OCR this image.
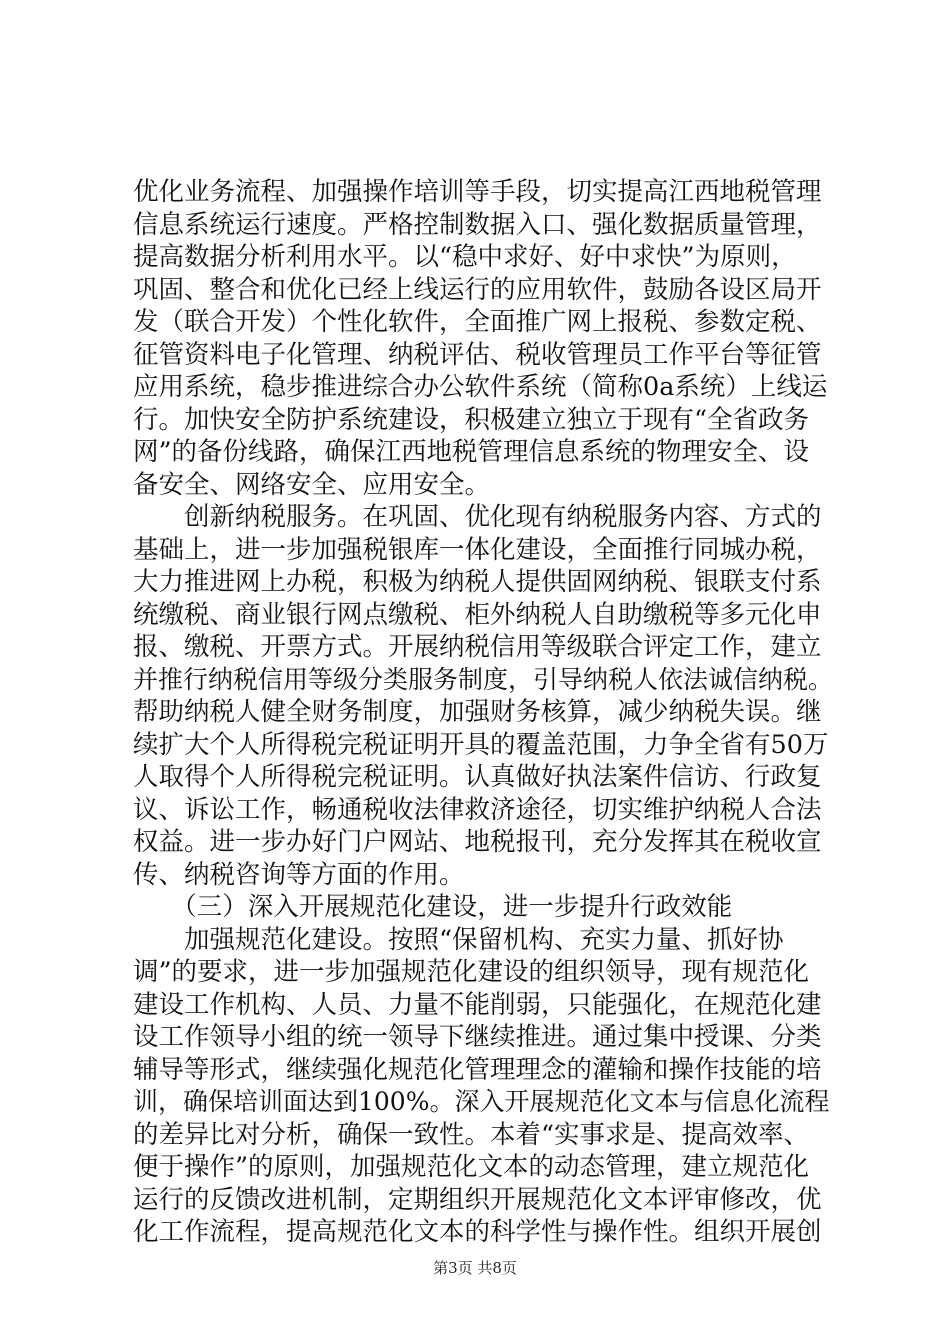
优化业务流程、加强操作培训等手段，切实提高江西地税管理
信息系统运行速度。严格控制数据入口、强化数据质量管理，
提高数据分析利用水平。以“稳中求好、好中求快”为原则，
巩固、整合和优化已经上线运行的应用软件，鼓励各设区局开
发（联合开发）个性化软件，全面推广网上报税、参数定税、
征管资料电子化管理、纳税评估、税收管理员工作平台等征管
应用系统，稳步推进综合办公软件系统（简称0a系统）上线运
行。加快安全防护系统建设，积极建立独立于现有“全省政务
网”的备份线路，确保江西地税管理信息系统的物理安全、设
备安全、网络安全、应用安全。
　　创新纳税服务。在巩固、优化现有纳税服务内容、方式的
基础上，进一步加强税银库一体化建设，全面推行同城办税，
大力推进网上办税，积极为纳税人提供固网纳税、银联支付系
统缴税、商业银行网点缴税、柜外纳税人自助缴税等多元化申
报、缴税、开票方式。开展纳税信用等级联合评定工作，建立
并推行纳税信用等级分类服务制度，引导纳税人依法诚信纳税。
帮助纳税人健全财务制度，加强财务核算，减少纳税失误。继
续扩大个人所得税完税证明开具的覆盖范围，力争全省有50万
人取得个人所得税完税证明。认真做好执法案件信访、行政复
议、诉讼工作，畅通税收法律救济途径，切实维护纳税人合法
权益。进一步办好门户网站、地税报刊，充分发挥其在税收宣
传、纳税咨询等方面的作用。
　　（三）深入开展规范化建设，进一步提升行政效能
　　加强规范化建设。按照“保留机构、充实力量、抓好协
调”的要求，进一步加强规范化建设的组织领导，现有规范化
建设工作机构、人员、力量不能削弱，只能强化，在规范化建
设工作领导小组的统一领导下继续推进。通过集中授课、分类
辅导等形式，继续强化规范化管理理念的灌输和操作技能的培
训，确保培训面达到100%。深入开展规范化文本与信息化流程
的差异比对分析，确保一致性。本着“实事求是、提高效率、
便于操作”的原则，加强规范化文本的动态管理，建立规范化
运行的反馈改进机制，定期组织开展规范化文本评审修改，优
化工作流程，提高规范化文本的科学性与操作性。组织开展创
第3页 共8页
